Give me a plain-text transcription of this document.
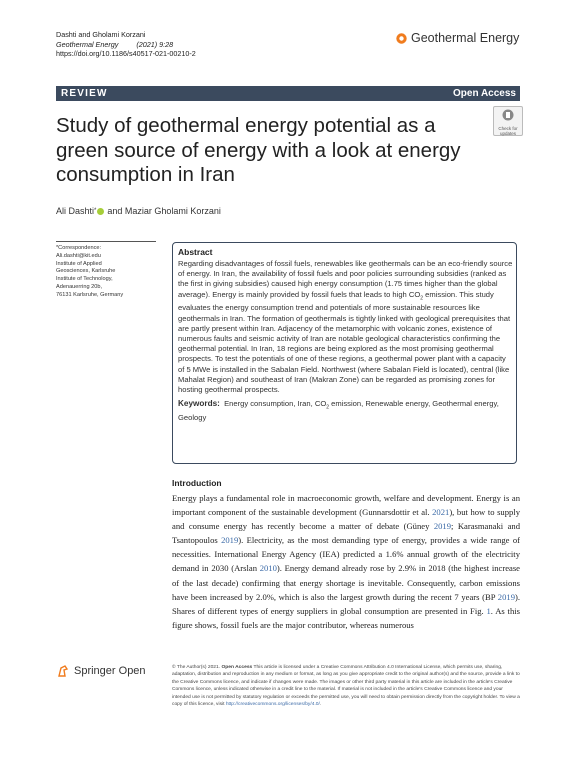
Dashti and Gholami Korzani
Geothermal Energy (2021) 9:28
https://doi.org/10.1186/s40517-021-00210-2
Geothermal Energy
REVIEW	Open Access
Study of geothermal energy potential as a green source of energy with a look at energy consumption in Iran
Check for
updates
Ali Dashti * and Maziar Gholami Korzani
*Correspondence:
Ali.dashti@kit.edu
Institute of Applied
Geosciences, Karlsruhe
Institute of Technology,
Adenauerring 20b,
76131 Karlsruhe, Germany
Abstract
Regarding disadvantages of fossil fuels, renewables like geothermals can be an eco-friendly source of energy. In Iran, the availability of fossil fuels and poor policies surrounding subsidies (ranked as the first in giving subsidies) caused high energy consumption (1.75 times higher than the global average). Energy is mainly provided by fossil fuels that leads to high $CO_2$ emission. This study evaluates the energy consumption trend and potentials of more sustainable resources like geothermals in Iran. The formation of geothermals is tightly linked with geological prerequisites that are partly present within Iran. Adjacency of the metamorphic with volcanic zones, existence of numerous faults and seismic activity of Iran are notable geological characteristics confirming the geothermal potential. In Iran, 18 regions are being explored as the most promising geothermal prospects. To test the potentials of one of these regions, a geothermal power plant with a capacity of 5 MWe is installed in the Sabalan Field. Northwest (where Sabalan Field is located), central (like Mahalat Region) and southeast of Iran (Makran Zone) can be regarded as promising zones for hosting geothermal prospects.
Keywords: Energy consumption, Iran, $CO_2$ emission, Renewable energy, Geothermal energy, Geology
Introduction
Energy plays a fundamental role in macroeconomic growth, welfare and development. Energy is an important component of the sustainable development (Gunnarsdottir et al. 2021), but how to supply and consume energy has recently become a matter of debate (Güney 2019; Karasmanaki and Tsantopoulos 2019). Electricity, as the most demanding type of energy, provides a wide range of necessities. International Energy Agency (IEA) predicted a 1.6% annual growth of the electricity demand in 2030 (Arslan 2010). Energy demand already rose by 2.9% in 2018 (the highest increase of the last decade) confirming that energy shortage is inevitable. Consequently, carbon emissions have been increased by 2.0%, which is also the largest growth during the recent 7 years (BP 2019). Shares of different types of energy suppliers in global consumption are presented in Fig. 1. As this figure shows, fossil fuels are the major contributor, whereas numerous
Springer Open	© The Author(s) 2021. Open Access This article is licensed under a Creative Commons Attribution 4.0 International License, which permits use, sharing, adaptation, distribution and reproduction in any medium or format, as long as you give appropriate credit to the original author(s) and the source, provide a link to the Creative Commons licence, and indicate if changes were made. The images or other third party material in this article are included in the article's Creative Commons licence, unless indicated otherwise in a credit line to the material. If material is not included in the article's Creative Commons licence and your intended use is not permitted by statutory regulation or exceeds the permitted use, you will need to obtain permission directly from the copyright holder. To view a copy of this licence, visit http://creativecommons.org/licenses/by/4.0/.
